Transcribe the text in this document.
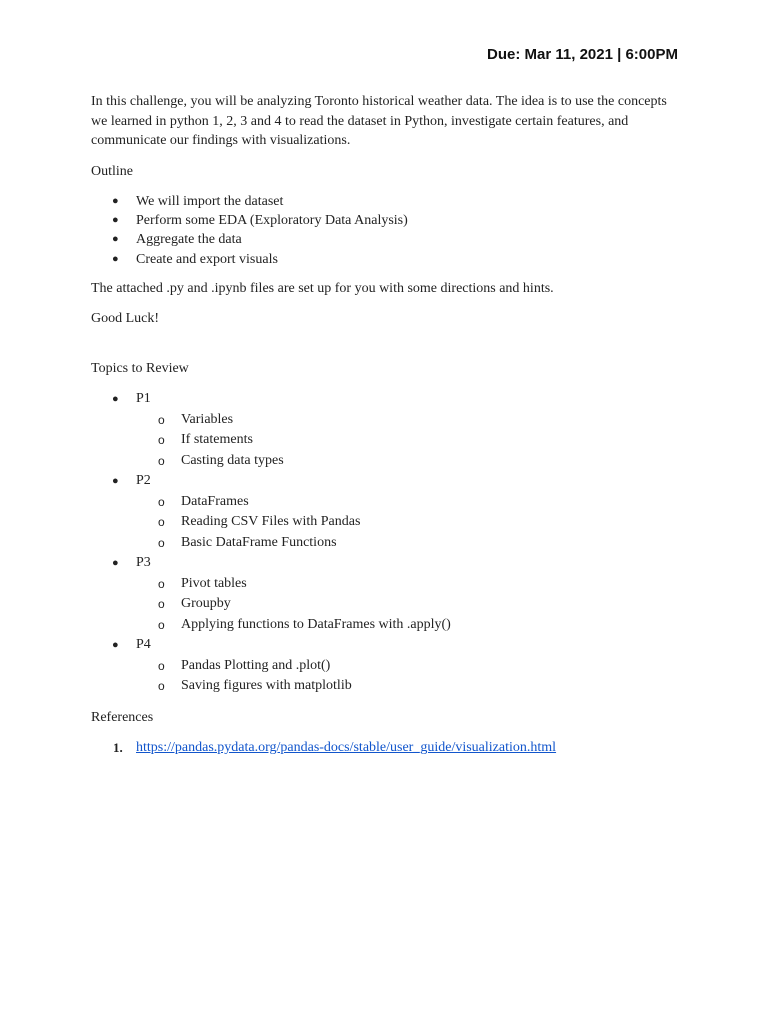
Due: Mar 11, 2021 | 6:00PM

In this challenge, you will be analyzing Toronto historical weather data. The idea is to use the concepts we learned in python 1, 2, 3 and 4 to read the dataset in Python, investigate certain features, and communicate our findings with visualizations.

Outline

● We will import the dataset
● Perform some EDA (Exploratory Data Analysis)
● Aggregate the data
● Create and export visuals

The attached .py and .ipynb files are set up for you with some directions and hints.

Good Luck!

Topics to Review

● P1
o Variables
o If statements
o Casting data types
● P2
o DataFrames
o Reading CSV Files with Pandas
o Basic DataFrame Functions
● P3
o Pivot tables
o Groupby
o Applying functions to DataFrames with .apply()
● P4
o Pandas Plotting and .plot()
o Saving figures with matplotlib

References

1. https://pandas.pydata.org/pandas-docs/stable/user_guide/visualization.html
